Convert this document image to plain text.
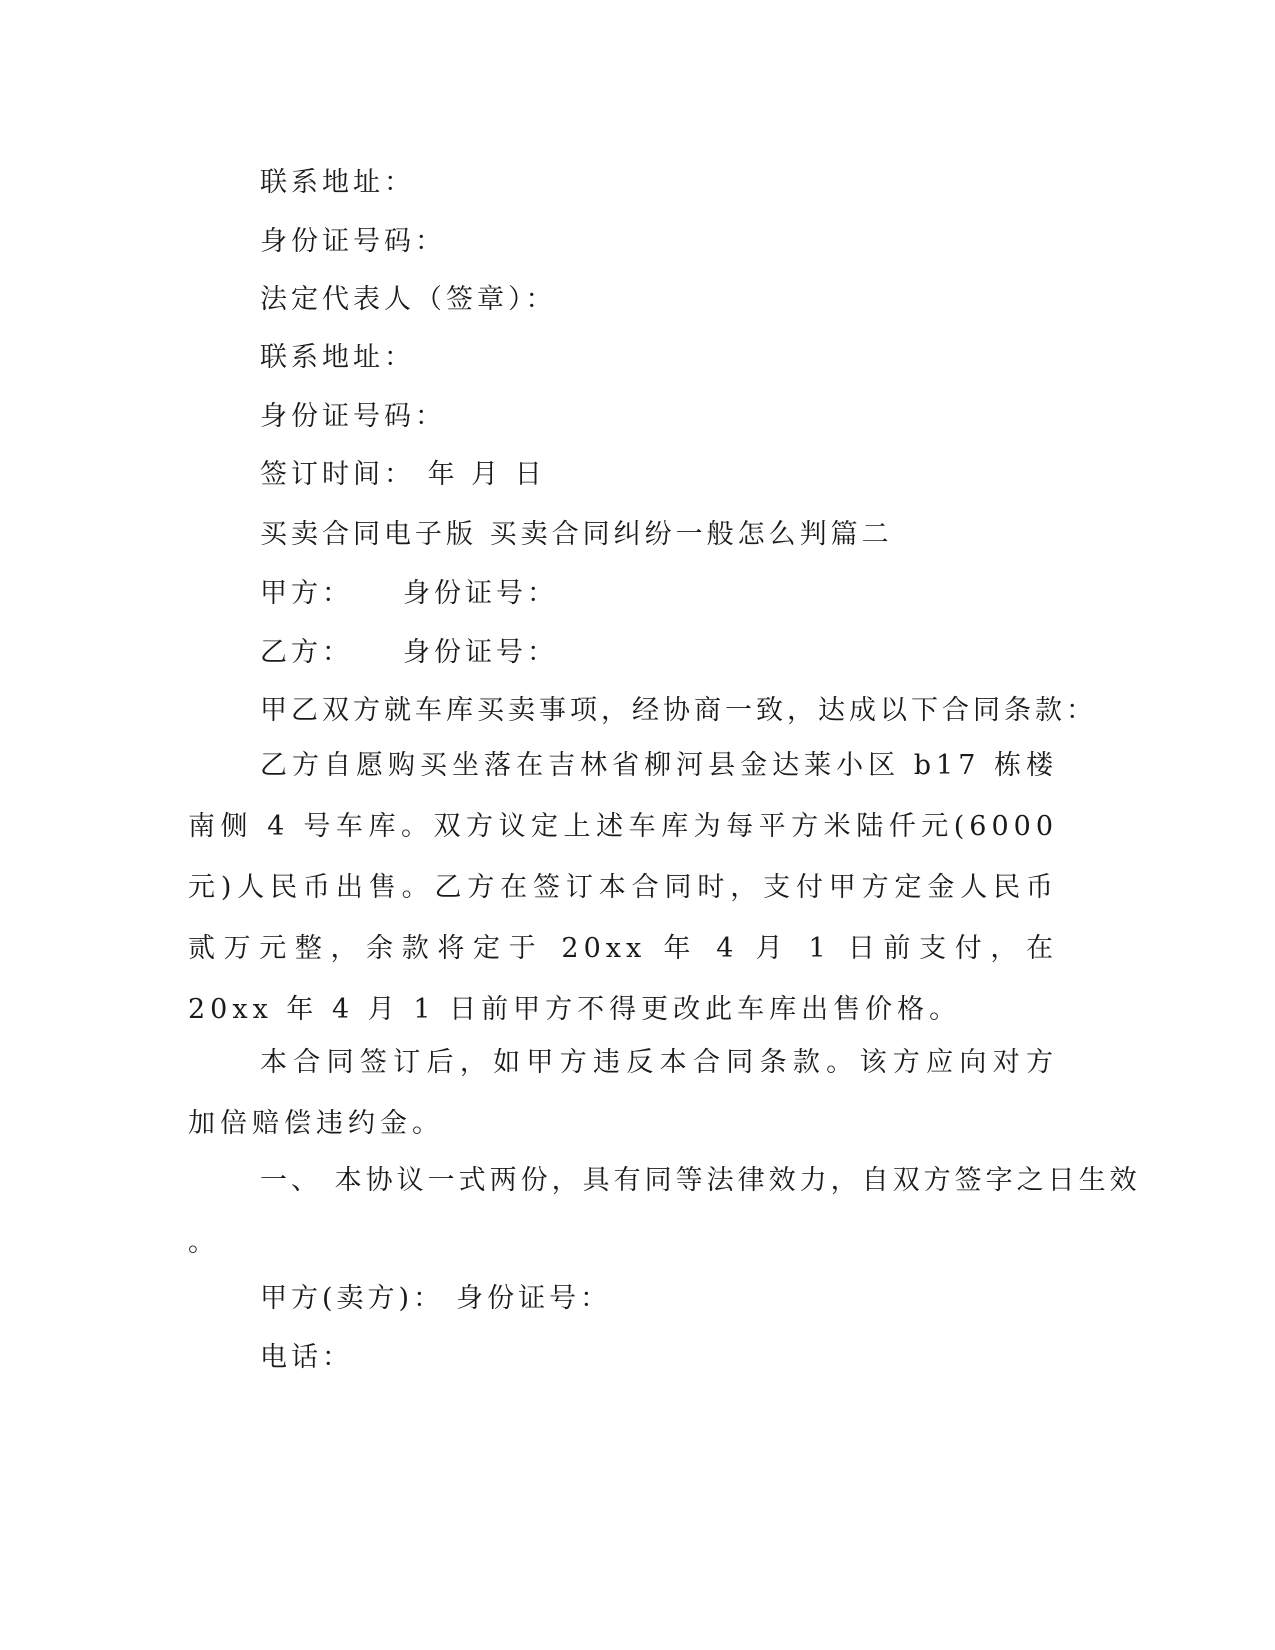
联系地址：
身份证号码：
法定代表人（签章）：
联系地址：
身份证号码：
签订时间： 年 月 日
买卖合同电子版 买卖合同纠纷一般怎么判篇二
甲方： 身份证号：
乙方： 身份证号：
甲乙双方就车库买卖事项，经协商一致，达成以下合同条款：

乙方自愿购买坐落在吉林省柳河县金达莱小区 b17 栋楼南侧 4 号车库。双方议定上述车库为每平方米陆仟元(6000 元)人民币出售。乙方在签订本合同时，支付甲方定金人民币贰万元整，余款将定于 20xx 年 4 月 1 日前支付，在 20xx 年 4 月 1 日前甲方不得更改此车库出售价格。

本合同签订后，如甲方违反本合同条款。该方应向对方加倍赔偿违约金。

一、 本协议一式两份，具有同等法律效力，自双方签字之日生效
。
甲方(卖方)： 身份证号：
电话：
